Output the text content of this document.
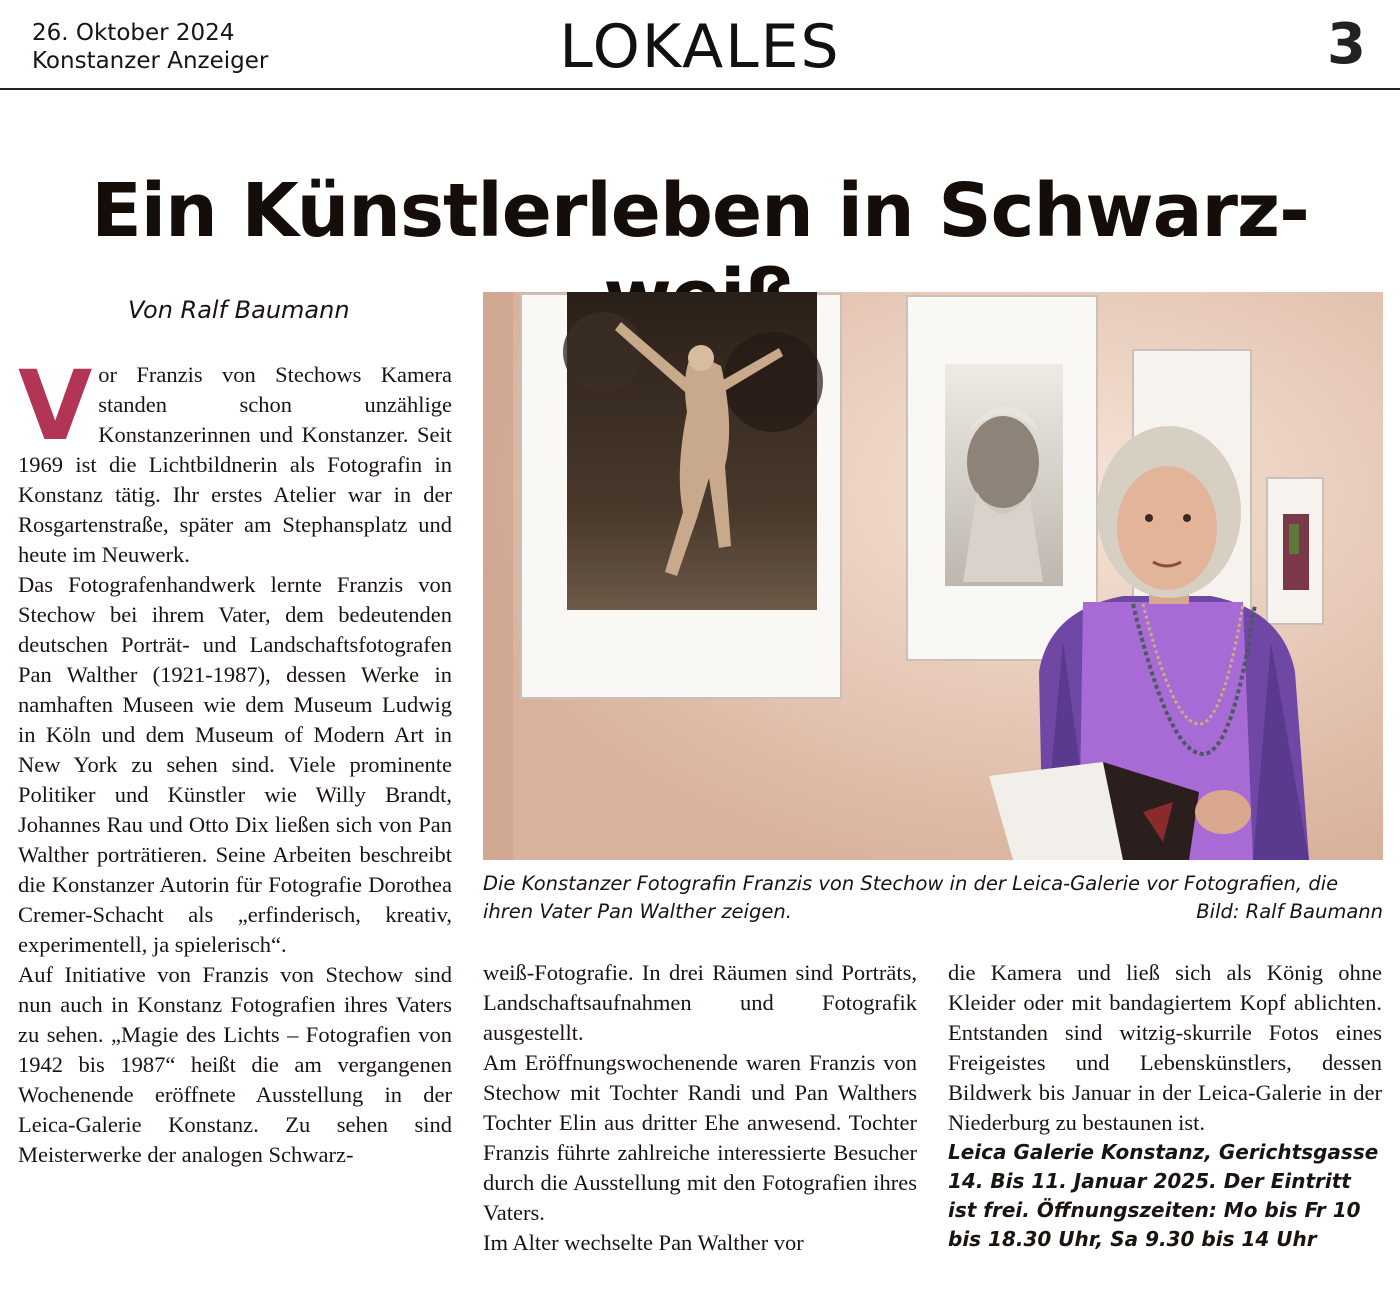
26. Oktober 2024
Konstanzer Anzeiger	LOKALES	3
Ein Künstlerleben in Schwarz-
Von Ralf Baumann

Vor Franzis von Stechows Kamera standen schon unzählige Konstanzerinnen und Konstanzer. Seit 1969 ist die Lichtbildnerin als Fotografin in Konstanz tätig. Ihr erstes Atelier war in der Rosgartenstraße, später am Stephansplatz und heute im Neuwerk.

Das Fotografenhandwerk lernte Franzis von Stechow bei ihrem Vater, dem bedeutenden deutschen Porträt- und Landschaftsfotografen Pan Walther (1921-1987), dessen Werke in namhaften Museen wie dem Museum Ludwig in Köln und dem Museum of Modern Art in New York zu sehen sind. Viele prominente Politiker und Künstler wie Willy Brandt, Johannes Rau und Otto Dix ließen sich von Pan Walther porträtieren. Seine Arbeiten beschreibt die Konstanzer Autorin für Fotografie Dorothea Cremer-Schacht als „erfinderisch, kreativ, experimentell, ja spielerisch“.

Auf Initiative von Franzis von Stechow sind nun auch in Konstanz Fotografien ihres Vaters zu sehen. „Magie des Lichts – Fotografien von 1942 bis 1987“ heißt die am vergangenen Wochenende eröffnete Ausstellung in der Leica-Galerie Konstanz. Zu sehen sind Meisterwerke der analogen Schwarz-

Die Konstanzer Fotografin Franzis von Stechow in der Leica-Galerie vor Fotografien, die ihren Vater Pan Walther zeigen.	Bild: Ralf Baumann

weiß-Fotografie. In drei Räumen sind Porträts, Landschaftsaufnahmen und Fotografik ausgestellt.

Am Eröffnungswochenende waren Franzis von Stechow mit Tochter Randi und Pan Walthers Tochter Elin aus dritter Ehe anwesend. Tochter Franzis führte zahlreiche interessierte Besucher durch die Ausstellung mit den Fotografien ihres Vaters.

Im Alter wechselte Pan Walther vor

die Kamera und ließ sich als König ohne Kleider oder mit bandagiertem Kopf ablichten. Entstanden sind witzig-skurrile Fotos eines Freigeistes und Lebenskünstlers, dessen Bildwerk bis Januar in der Leica-Galerie in der Niederburg zu bestaunen ist.

Leica Galerie Konstanz, Gerichtsgasse 14. Bis 11. Januar 2025. Der Eintritt ist frei. Öffnungszeiten: Mo bis Fr 10 bis 18.30 Uhr, Sa 9.30 bis 14 Uhr
